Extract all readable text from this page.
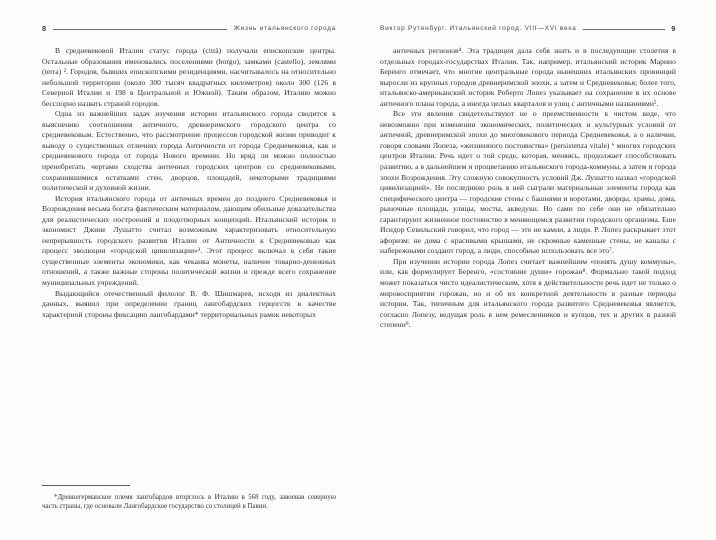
8	Жизнь итальянского города

В средневековой Италии статус города (città) получали епископские центры. Остальные образования именовались поселениями (borgo), замками (castello), землями (terra) ². Городов, бывших епископскими резиденциями, насчитывалось на относительно небольшой территории (около 300 тысяч квадратных километров) около 300 (126 в Северной Италии и 198 в Центральной и Южной). Таким образом, Италию можно бесспорно назвать страной городов.

Одна из важнейших задач изучения истории итальянского города сводится к выяснению соотношения античного, древнеримского городского центра со средневековым. Естественно, что рассмотрение процессов городской жизни приводит к выводу о существенных отличиях города Античности от города Средневековья, как и средневекового города от города Нового времени. Но вряд ли можно полностью пренебрегать чертами сходства античных городских центров со средневековыми, сохранившимися остатками стен, дворцов, площадей, некоторыми традициями политической и духовной жизни.

История итальянского города от античных времен до позднего Средневековья и Возрождения весьма богата фактическим материалом, дающим обильные доказательства для реалистических построений и плодотворных концепций. Итальянский историк и экономист Джине Лушатто считал возможным характеризовать относительную непрерывность городского развития Италии от Античности к Средневековью как процесс эволюции «городской цивилизации»³. Этот процесс включал в себя такие существенные элементы экономики, как чеканка монеты, наличие товарно-денежных отношений, а также важные стороны политической жизни и прежде всего сохранение муниципальных учреждений.

Выдающийся отечественный филолог В. Ф. Шишмарев, исходя из диалектных данных, выявил при определении границ лангобардских герцогств в качестве характерной стороны фиксацию лангобардами* территориальных рамок некоторых

*Древнегерманское племя лангобардов вторглось в Италию в 568 году, завоевав северную часть страны, где основали Лангобардское государство со столицей в Павии.

Виктор Рутенбург. Итальянский город. VIII—XVI века	9

античных регионов⁴. Эта традиция дала себя знать и в последующие столетия в отдельных городах-государствах Италии. Так, например, итальянский историк Марино Беренго отмечает, что многие центральные города нынешних итальянских провинций выросли из крупных городов древнеримской эпохи, а затем и Средневековья; более того, итальянско-американский историк Роберто Лопез указывает на сохранение в их основе античного плана города, а иногда целых кварталов и улиц с античными названиями⁵.

Все эти явления свидетельствуют не о преемственности в чистом виде, что невозможно при изменении экономических, политических и культурных условий от античной, древнеримской эпохи до многовекового периода Средневековья, а о наличии, говоря словами Лопеза, «жизненного постоянства» (persistenza vitale) ⁶ многих городских центров Италии. Речь идет о той среде, которая, меняясь, продолжает способствовать развитию, а в дальнейшем и процветанию итальянского города-коммуны, а затем и города эпохи Возрождения. Эту сложную совокупность условий Дж. Лушатто назвал «городской цивилизацией». Не последнюю роль в ней сыграли материальные элементы города как специфического центра — городские стены с башнями и воротами, дворцы, храмы, дома, рыночные площади, улицы, мосты, акведуки. Но сами по себе они не обязательно гарантируют жизненное постоянство в меняющемся развитии городского организма. Еше Исидор Севильский говорил, что город — это не камни, а люди. Р. Лопез раскрывает этот афоризм: не дома с красивыми крышами, не скромные каменные стены, не каналы с набережными создают город, а люди, способные использовать все это⁷.

При изучении истории города Лопез считает важнейшим «понять душу коммуны», или, как формулирует Беренго, «состояние души» горожан⁸. Формально такой подход может показаться чисто идеалистическим, хотя в действительности речь идет не только о мировосприятии горожан, но и об их конкретной деятельности в разные периоды истории. Так, типичным для итальянского города развитого Средневековья является, согласно Лопезу, ведущая роль в нем ремесленников и купцов, тех и других в разной степени⁹.
